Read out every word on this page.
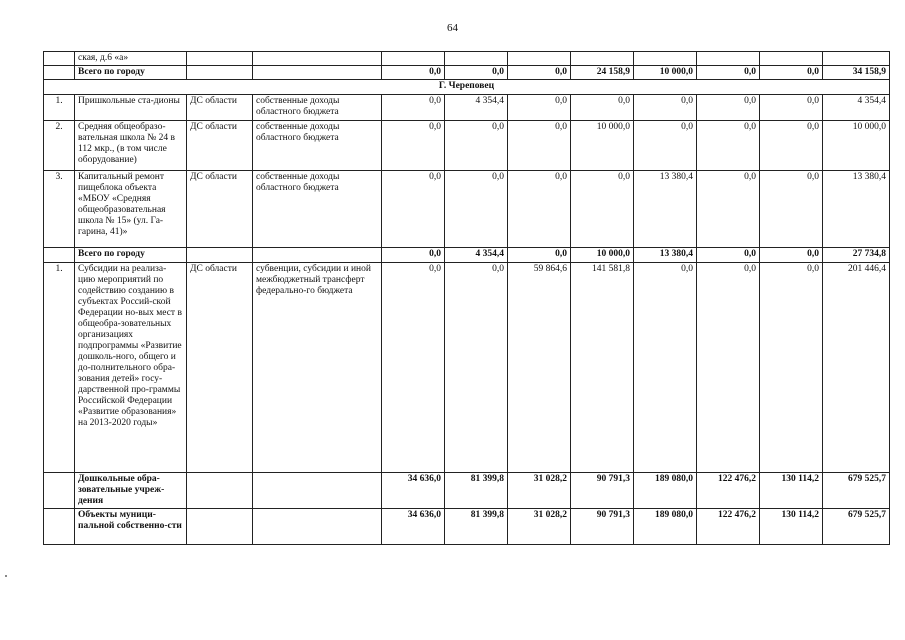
64
	ская, д.6 «а»										
	Всего по городу			0,0	0,0	0,0	24 158,9	10 000,0	0,0	0,0	34 158,9
Г. Череповец											
1.	Пришкольные ста-дионы	ДС области	собственные доходы областного бюджета	0,0	4 354,4	0,0	0,0	0,0	0,0	0,0	4 354,4
2.	Средняя общеобразо-вательная школа № 24 в 112 мкр., (в том числе оборудование)	ДС области	собственные доходы областного бюджета	0,0	0,0	0,0	10 000,0	0,0	0,0	0,0	10 000,0
3.	Капитальный ремонт пищеблока объекта «МБОУ «Средняя общеобразовательная школа № 15» (ул. Га-гарина, 41)»	ДС области	собственные доходы областного бюджета	0,0	0,0	0,0	0,0	13 380,4	0,0	0,0	13 380,4
	Всего по городу			0,0	4 354,4	0,0	10 000,0	13 380,4	0,0	0,0	27 734,8
1.	Субсидии на реализа-цию мероприятий по содействию созданию в субъектах Россий-ской Федерации но-вых мест в общеобра-зовательных организациях подпрограммы «Развитие дошколь-ного, общего и до-полнительного обра-зования детей» госу-дарственной про-граммы Российской Федерации «Развитие образования» на 2013-2020 годы»	ДС области	субвенции, субсидии и иной межбюджетный трансферт федерально-го бюджета	0,0	0,0	59 864,6	141 581,8	0,0	0,0	0,0	201 446,4
	Дошкольные обра-зовательные учреж-дения			34 636,0	81 399,8	31 028,2	90 791,3	189 080,0	122 476,2	130 114,2	679 525,7
	Объекты муници-пальной собственно-сти			34 636,0	81 399,8	31 028,2	90 791,3	189 080,0	122 476,2	130 114,2	679 525,7
